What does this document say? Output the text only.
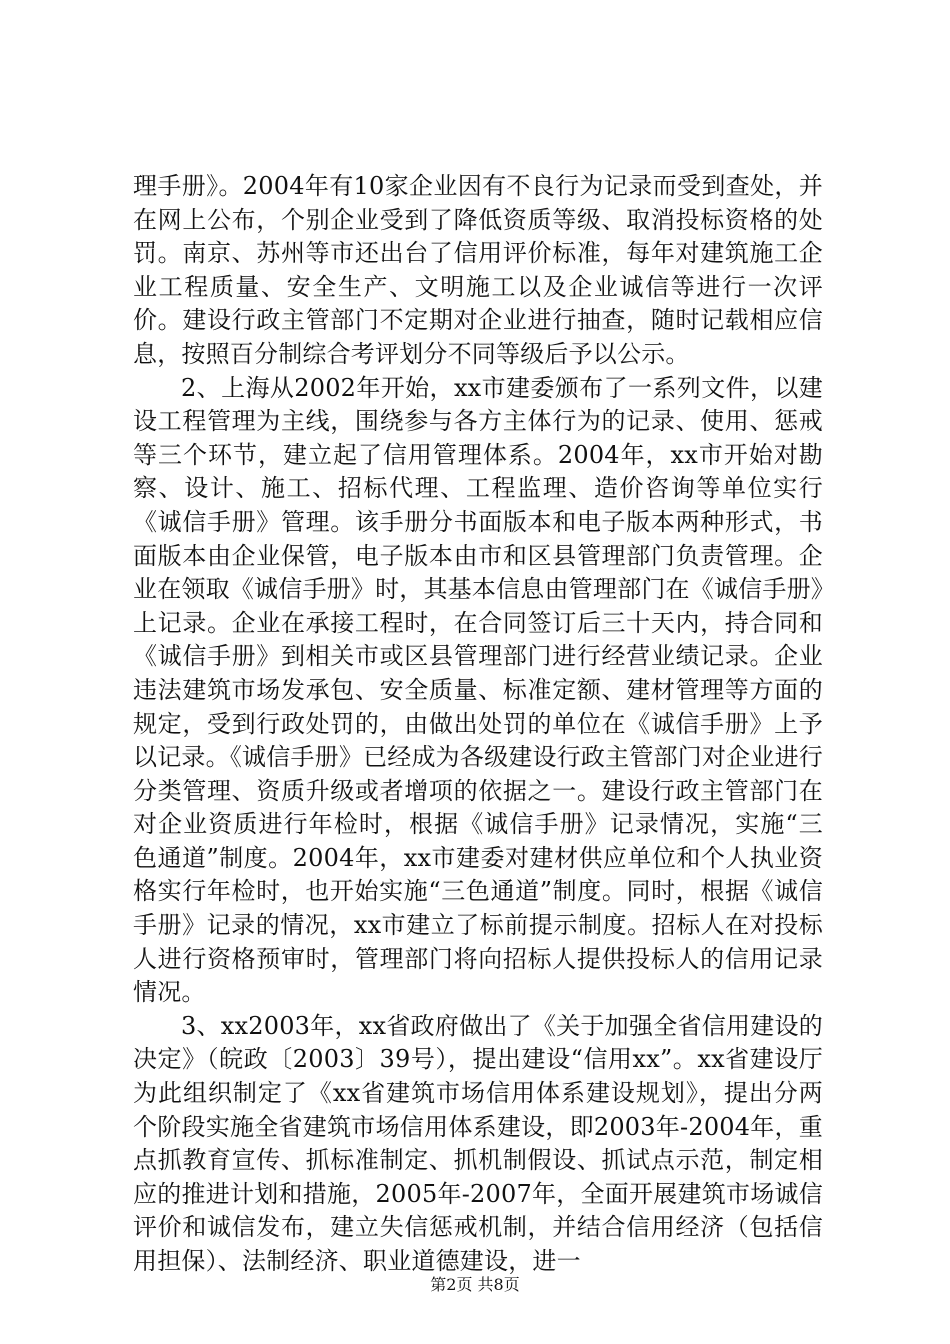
理手册》。2004年有10家企业因有不良行为记录而受到查处，并在网上公布，个别企业受到了降低资质等级、取消投标资格的处罚。南京、苏州等市还出台了信用评价标准，每年对建筑施工企业工程质量、安全生产、文明施工以及企业诚信等进行一次评价。建设行政主管部门不定期对企业进行抽查，随时记载相应信息，按照百分制综合考评划分不同等级后予以公示。

2、上海从2002年开始，xx市建委颁布了一系列文件，以建设工程管理为主线，围绕参与各方主体行为的记录、使用、惩戒等三个环节，建立起了信用管理体系。2004年，xx市开始对勘察、设计、施工、招标代理、工程监理、造价咨询等单位实行《诚信手册》管理。该手册分书面版本和电子版本两种形式，书面版本由企业保管，电子版本由市和区县管理部门负责管理。企业在领取《诚信手册》时，其基本信息由管理部门在《诚信手册》上记录。企业在承接工程时，在合同签订后三十天内，持合同和《诚信手册》到相关市或区县管理部门进行经营业绩记录。企业违法建筑市场发承包、安全质量、标准定额、建材管理等方面的规定，受到行政处罚的，由做出处罚的单位在《诚信手册》上予以记录。《诚信手册》已经成为各级建设行政主管部门对企业进行分类管理、资质升级或者增项的依据之一。建设行政主管部门在对企业资质进行年检时，根据《诚信手册》记录情况，实施“三色通道”制度。2004年，xx市建委对建材供应单位和个人执业资格实行年检时，也开始实施“三色通道”制度。同时，根据《诚信手册》记录的情况，xx市建立了标前提示制度。招标人在对投标人进行资格预审时，管理部门将向招标人提供投标人的信用记录情况。

3、xx2003年，xx省政府做出了《关于加强全省信用建设的决定》（皖政〔2003〕39号），提出建设“信用xx”。xx省建设厅为此组织制定了《xx省建筑市场信用体系建设规划》，提出分两个阶段实施全省建筑市场信用体系建设，即2003年-2004年，重点抓教育宣传、抓标准制定、抓机制假设、抓试点示范，制定相应的推进计划和措施，2005年-2007年，全面开展建筑市场诚信评价和诚信发布，建立失信惩戒机制，并结合信用经济（包括信用担保）、法制经济、职业道德建设，进一

第2页 共8页
